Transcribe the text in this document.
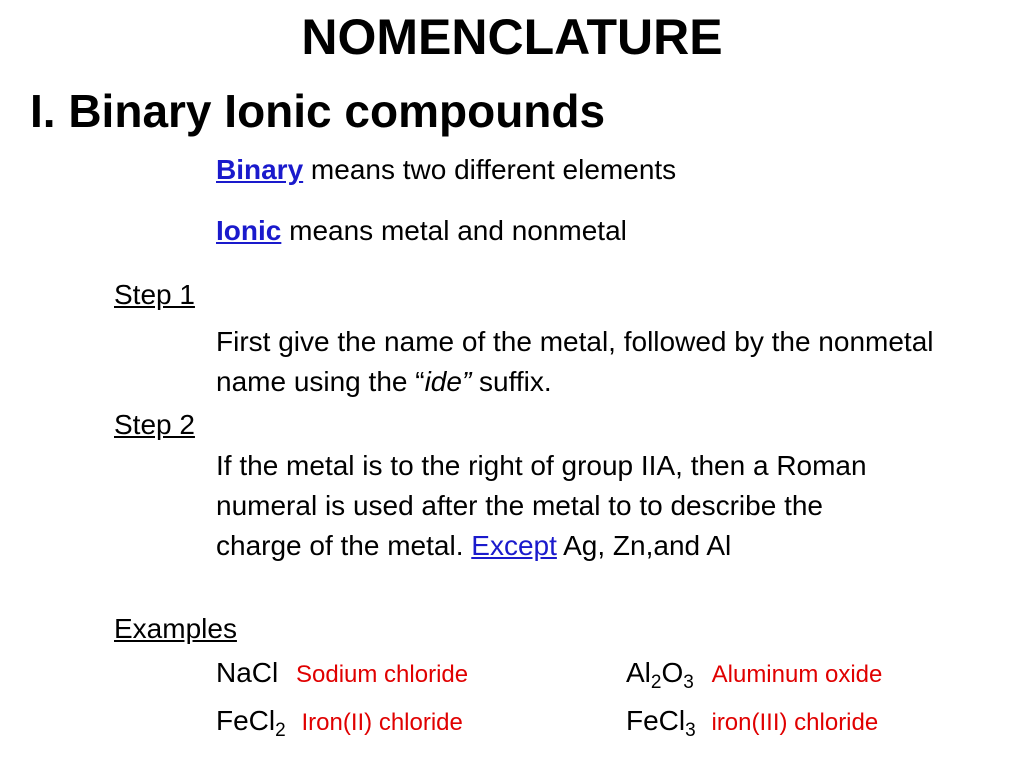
NOMENCLATURE
I. Binary Ionic compounds
Binary means two different elements
Ionic means metal and nonmetal
Step 1
First give the name of the metal, followed by the nonmetal name using the “ide” suffix.
Step 2
If the metal is to the right of group IIA, then a Roman numeral is used after the metal to to describe the charge of the metal. Except Ag, Zn,and Al
Examples
NaCl Sodium chloride	$Al_2O_3$ Aluminum oxide
FeCl$_2$ Iron(II) chloride	FeCl$_3$ iron(III) chloride
